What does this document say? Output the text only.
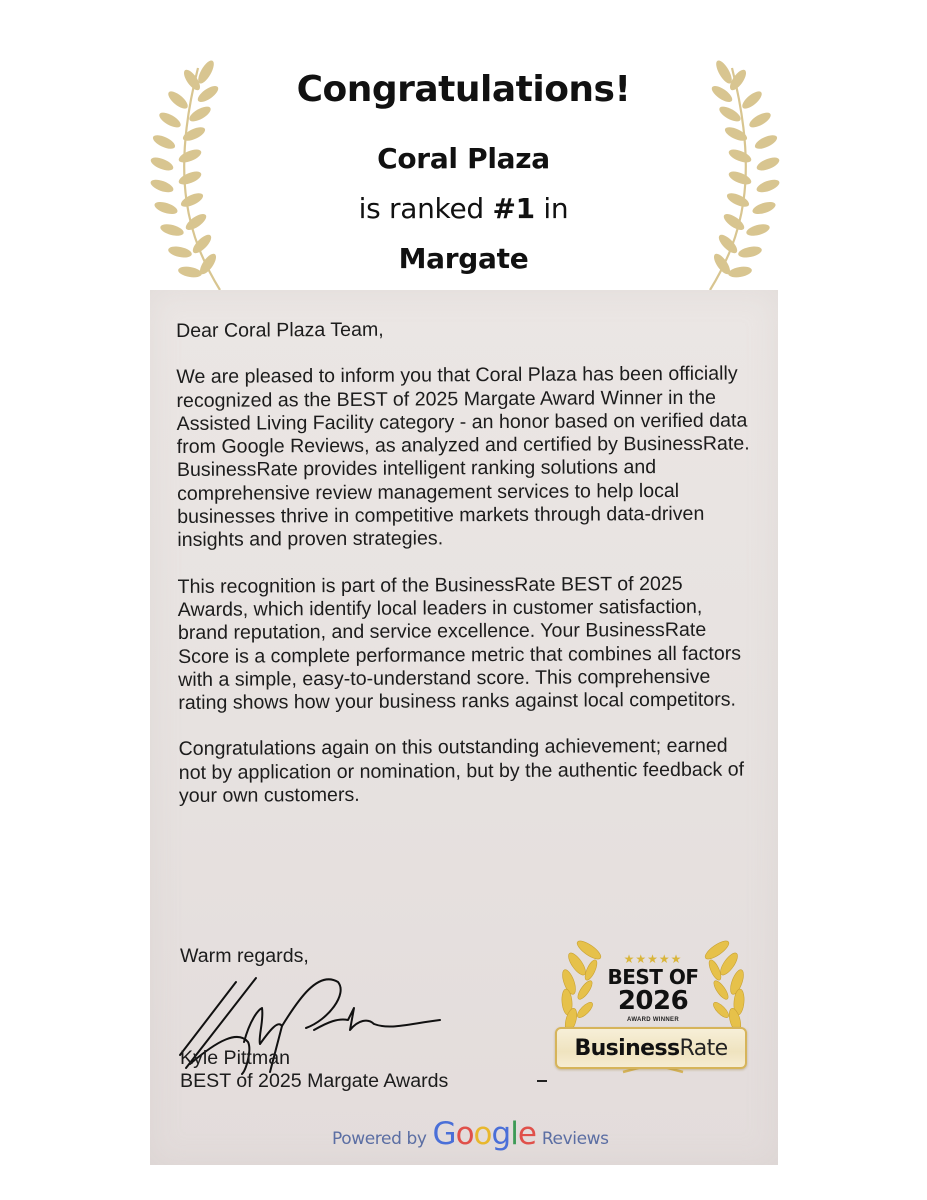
Congratulations!
Coral Plaza
is ranked #1 in
Margate

Dear Coral Plaza Team,

We are pleased to inform you that Coral Plaza has been officially recognized as the BEST of 2025 Margate Award Winner in the Assisted Living Facility category - an honor based on verified data from Google Reviews, as analyzed and certified by BusinessRate. BusinessRate provides intelligent ranking solutions and comprehensive review management services to help local businesses thrive in competitive markets through data-driven insights and proven strategies.

This recognition is part of the BusinessRate BEST of 2025 Awards, which identify local leaders in customer satisfaction, brand reputation, and service excellence. Your BusinessRate Score is a complete performance metric that combines all factors with a simple, easy-to-understand score. This comprehensive rating shows how your business ranks against local competitors.

Congratulations again on this outstanding achievement; earned not by application or nomination, but by the authentic feedback of your own customers.

Warm regards,
Kyle Pittman
BEST of 2025 Margate Awards
★★★★★
BEST OF
2026
AWARD WINNER
Business Rate
Powered by Google Reviews
